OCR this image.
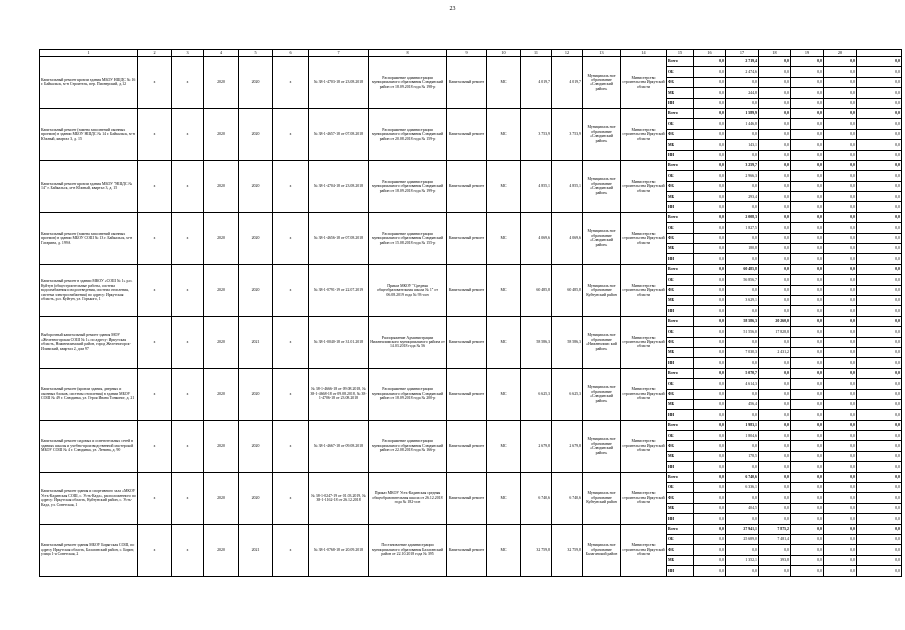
23
1	2	3	4	5	6	7	8	9	10	11	12	13	14	15	16	17	18	19	20	
Капитальный ремонт кровли здания МБОУ НШДС № 16 г. Байкальск, м-н Строитель, пер. Пионерский, д.12	x	x	2020	2020	x	№ 38-1-4703-18 от 23.08.2018	Распоряжение администрации муниципального образования Слюдянский район от 18.09.2018 года № 198-р	Капитальный ремонт	МС	4 019,7	4 019,7	Муниципаль ное образование «Слюдянский район»	Министерство строительства Иркутской области	Всего	0,0	2 719,4	0,0	0,0	0,0	0,0
														ОБ	0,0	2 474,6	0,0	0,0	0,0	0,0
														ФБ	0,0	0,0	0,0	0,0	0,0	0,0
														МБ	0,0	244,8	0,0	0,0	0,0	0,0
														ИИ	0,0	0,0	0,0	0,0	0,0	0,0
Капитальный ремонт (замена заполнений оконных проемов) в здании МБОУ НШДС № 14 г. Байкальск, м-н Южный, квартал 3, д. 15	x	x	2020	2020	x	№ 38-1-4657-18 от 07.08.2018	Распоряжение администрации муниципального образования Слюдянский район от 20.08.2018 года № 159-р	Капитальный ремонт	МС	3 753,9	3 753,9	Муниципаль ное образование «Слюдянский район»	Министерство строительства Иркутской области	Всего	0,0	1 589,9	0,0	0,0	0,0	0,0
														ОБ	0,0	1 446,8	0,0	0,0	0,0	0,0
														ФБ	0,0	0,0	0,0	0,0	0,0	0,0
														МБ	0,0	143,1	0,0	0,0	0,0	0,0
														ИИ	0,0	0,0	0,0	0,0	0,0	0,0
Капитальный ремонт кровли здания МБОУ "НШДС № 14" г. Байкальск, м-н Южный, квартал 3, д. 15	x	x	2020	2020	x	№ 38-1-4704-18 от 23.08.2018	Распоряжение администрации муниципального образования Слюдянский район от 18.09.2018 года № 199-р	Капитальный ремонт	МС	4 855,1	4 855,1	Муниципаль ное образование «Слюдянский район»	Министерство строительства Иркутской области	Всего	0,0	3 259,7	0,0	0,0	0,0	0,0
														ОБ	0,0	2 966,3	0,0	0,0	0,0	0,0
														ФБ	0,0	0,0	0,0	0,0	0,0	0,0
														МБ	0,0	293,4	0,0	0,0	0,0	0,0
														ИИ	0,0	0,0	0,0	0,0	0,0	0,0
Капитальный ремонт (замена заполнений оконных проемов) в здании МБОУ СОШ № 13 г. Байкальск, м-н Гагарина, д. 199А	x	x	2020	2020	x	№ 38-1-4656-18 от 07.08.2018	Распоряжение администрации муниципального образования Слюдянский район от 15.08.2018 года № 155-р	Капитальный ремонт	МС	4 069,6	4 069,6	Муниципаль ное образование «Слюдянский район»	Министерство строительства Иркутской области	Всего	0,0	2 008,3	0,0	0,0	0,0	0,0
														ОБ	0,0	1 827,5	0,0	0,0	0,0	0,0
														ФБ	0,0	0,0	0,0	0,0	0,0	0,0
														МБ	0,0	180,8	0,0	0,0	0,0	0,0
														ИИ	0,0	0,0	0,0	0,0	0,0	0,0
Капитальный ремонт в здании МКОУ «СОШ № 1» р.п. Куйтун (общестроительные работы, система водоснабжения и водоотведения, система отопления, система электроснабжения) по адресу: Иркутская область, р.п. Куйтун, ул. Горького, 1	x	x	2020	2020	x	№ 38-1-0791-19 от 22.07.2019	Приказ МКОУ "Средняя общеобразовательная школа № 1" от 06.08.2019 года № 93-осн	Капитальный ремонт	МС	60 485,8	60 485,8	Муниципаль ное образование Куйтунский район	Министерство строительства Иркутской области	Всего	0,0	60 485,8	0,0	0,0	0,0	0,0
														ОБ	0,0	56 856,7	0,0	0,0	0,0	0,0
														ФБ	0,0	0,0	0,0	0,0	0,0	0,0
														МБ	0,0	3 629,1	0,0	0,0	0,0	0,0
														ИИ	0,0	0,0	0,0	0,0	0,0	0,0
Выборочный капитальный ремонт здания МОУ «Железногорская СОШ № 1» по адресу: Иркутская область, Нижнеилимский район, город Железногорск-Илимский, квартал 2, дом 97	x	x	2020	2021	x	№ 38-1-0040-18 от 31.01.2018	Распоряжение Администрации Нижнеилимского муниципального района от 14.03.2018 года № 56	Капитальный ремонт	МС	58 586,3	58 586,3	Муниципаль ное образование «Нижнеилимс кий район»	Министерство строительства Иркутской области	Всего	0,0	58 586,3	20 260,0	0,0	0,0	0,0
														ОБ	0,0	51 556,0	17 828,8	0,0	0,0	0,0
														ФБ	0,0	0,0	0,0	0,0	0,0	0,0
														МБ	0,0	7 030,3	2 431,2	0,0	0,0	0,0
														ИИ	0,0	0,0	0,0	0,0	0,0	0,0
Капитальный ремонт (кровли здания, дверных и оконных блоков, системы отопления) в здании МБОУ СОШ № 49 г. Слюдянка, ул. Героя Ивана Тонконог, д. 21	x	x	2020	2020	x	№ 38-1-4666-18 от 09.08.2018, № 38-1-4668-18 от 09.08.2018, № 38-1-4706-18 от 23.08.2018	Распоряжение администрации муниципального образования Слюдянский район от 18.09.2018 года № 200-р	Капитальный ремонт	МС	6 625,3	6 625,3	Муниципаль ное образование «Слюдянский район»	Министерство строительства Иркутской области	Всего	0,0	5 070,7	0,0	0,0	0,0	0,0
														ОБ	0,0	4 614,3	0,0	0,0	0,0	0,0
														ФБ	0,0	0,0	0,0	0,0	0,0	0,0
														МБ	0,0	456,4	0,0	0,0	0,0	0,0
														ИИ	0,0	0,0	0,0	0,0	0,0	0,0
Капитальный ремонт сидовых и осветительных сетей в зданиях школы и учебно-производственной мастерской МБОУ СОШ № 4 г. Слюдянка, ул. Ленина, д. 90	x	x	2020	2020	x	№ 38-1-4667-18 от 09.08.2018	Распоряжение администрации муниципального образования Слюдянский район от 22.08.2018 года № 166-р	Капитальный ремонт	МС	2 679,8	2 679,8	Муниципаль ное образование «Слюдянский район»	Министерство строительства Иркутской области	Всего	0,0	1 983,1	0,0	0,0	0,0	0,0
														ОБ	0,0	1 804,6	0,0	0,0	0,0	0,0
														ФБ	0,0	0,0	0,0	0,0	0,0	0,0
														МБ	0,0	178,5	0,0	0,0	0,0	0,0
														ИИ	0,0	0,0	0,0	0,0	0,0	0,0
Капитальный ремонт здания и спортивного зала «МКОУ Усть-Кадинская СОШ, с. Усть-Када», расположенного по адресу: Иркутская область, Куйтунский район, с. Усть-Када, ул. Советская, 1	x	x	2020	2020	x	№ 38-1-0247-19 от 01.03.2019, № 38-1-1162-18 от 26.12.2018	Приказ МКОУ Усть-Кадинская средняя общеобразовательная школа от 26.12.2018 года № 182-осн	Капитальный ремонт	МС	6 740,6	6 740,6	Муниципаль ное образование Куйтунский район	Министерство строительства Иркутской области	Всего	0,0	6 740,6	0,0	0,0	0,0	0,0
														ОБ	0,0	6 336,1	0,0	0,0	0,0	0,0
														ФБ	0,0	0,0	0,0	0,0	0,0	0,0
														МБ	0,0	404,5	0,0	0,0	0,0	0,0
														ИИ	0,0	0,0	0,0	0,0	0,0	0,0
Капитальный ремонт здания МБОУ Бирягская СОШ, по адресу Иркутская область, Балаганский район, с. Бирит, улица 1-я Советская, 2	x	x	2020	2021	x	№ 38-1-0768-18 от 20.09.2018	Постановление администрации муниципального образования Балаганский район от 22.10.2018 года № 395	Капитальный ремонт	МС	32 759,8	32 759,8	Муниципаль ное образование Балаганский район	Министерство строительства Иркутской области	Всего	0,0	27 941,1	7 875,2	0,0	0,0	0,0
														ОБ	0,0	25 689,0	7 481,4	0,0	0,0	0,0
														ФБ	0,0	0,0	0,0	0,0	0,0	0,0
														МБ	0,0	1 352,1	393,8	0,0	0,0	0,0
														ИИ	0,0	0,0	0,0	0,0	0,0	0,0
